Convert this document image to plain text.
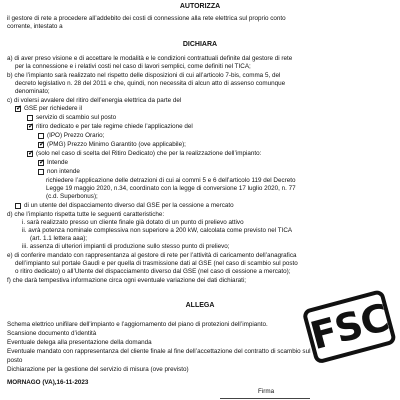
AUTORIZZA
il gestore di rete a procedere all’addebito dei costi di connessione alla rete elettrica sul proprio conto
corrente, intestato a
DICHIARA
a) di aver preso visione e di accettare le modalità e le condizioni contrattuali definite dal gestore di rete
per la connessione e i relativi costi nel caso di lavori semplici, come definiti nel TICA;
b) che l’impianto sarà realizzato nel rispetto delle disposizioni di cui all’articolo 7-bis, comma 5, del
decreto legislativo n. 28 del 2011 e che, quindi, non necessita di alcun atto di assenso comunque
denominato;
c) di volersi avvalere del ritiro dell’energia elettrica da parte del
✓
GSE per richiedere il
servizio di scambio sul posto
✓
ritiro dedicato e per tale regime chiede l’applicazione del
(IPO) Prezzo Orario;
✓
(PMG) Prezzo Minimo Garantito (ove applicabile);
✓
(solo nel caso di scelta del Ritiro Dedicato) che per la realizzazione dell’impianto:
✓
Intende
non intende
richiedere l’applicazione delle detrazioni di cui ai commi 5 e 6 dell’articolo 119 del Decreto
Legge 19 maggio 2020, n.34, coordinato con la legge di conversione 17 luglio 2020, n. 77
(c.d. Superbonus);
di un utente del dispacciamento diverso dal GSE per la cessione a mercato
d) che l’impianto rispetta tutte le seguenti caratteristiche:
i. sarà realizzato presso un cliente finale già dotato di un punto di prelievo attivo
ii. avrà potenza nominale complessiva non superiore a 200 kW, calcolata come previsto nel TICA
(art. 1.1 lettera aaa);
iii. assenza di ulteriori impianti di produzione sullo stesso punto di prelievo;
e) di conferire mandato con rappresentanza al gestore di rete per l’attività di caricamento dell’anagrafica
dell’impianto sul portale Gaudì e per quella di trasmissione dati al GSE (nel caso di scambio sul posto
o ritiro dedicato) o all’Utente del dispacciamento diverso dal GSE (nel caso di cessione a mercato);
f) che darà tempestiva informazione circa ogni eventuale variazione dei dati dichiarati;
ALLEGA
Schema elettrico unifilare dell’impianto e l’aggiornamento del piano di protezioni dell’impianto.
Scansione documento d’identità
Eventuale delega alla presentazione della domanda
Eventuale mandato con rappresentanza del cliente finale al fine dell’accettazione del contratto di scambio sul
posto
Dichiarazione per la gestione del servizio di misura (ove previsto)
MORNAGO (VA),16-11-2023
Firma
FSC
